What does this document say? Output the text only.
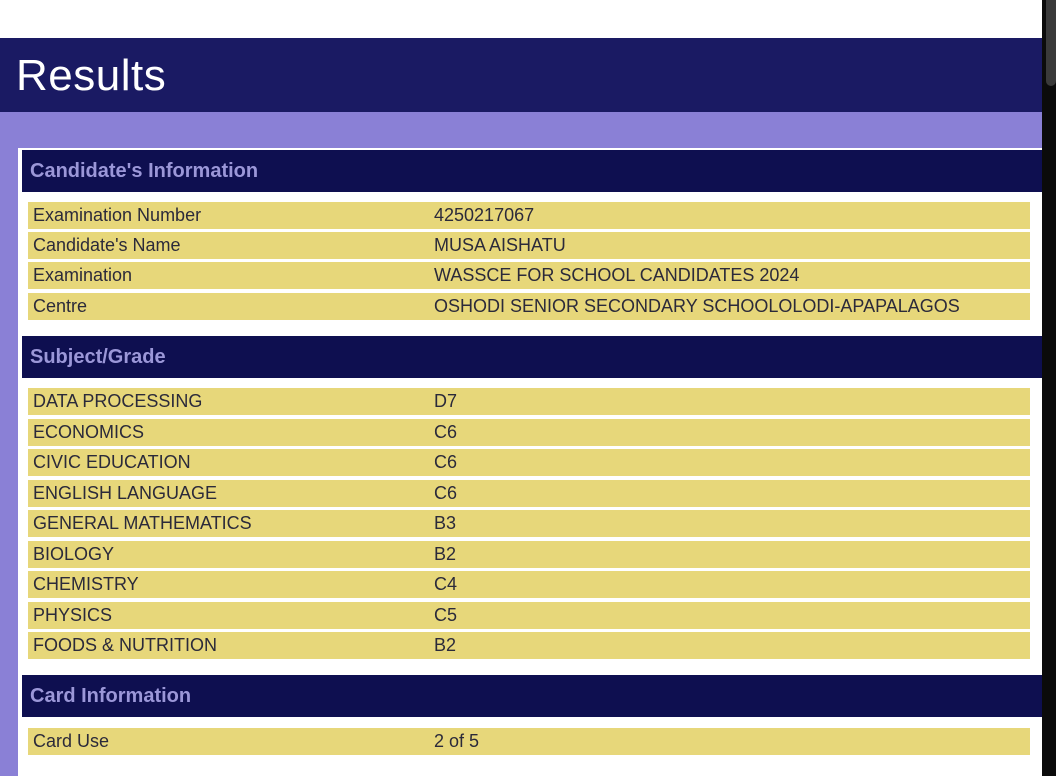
Results
Candidate's Information
Examination Number	4250217067
Candidate's Name	MUSA AISHATU
Examination	WASSCE FOR SCHOOL CANDIDATES 2024
Centre	OSHODI SENIOR SECONDARY SCHOOLOLODI-APAPALAGOS
Subject/Grade
DATA PROCESSING	D7
ECONOMICS	C6
CIVIC EDUCATION	C6
ENGLISH LANGUAGE	C6
GENERAL MATHEMATICS	B3
BIOLOGY	B2
CHEMISTRY	C4
PHYSICS	C5
FOODS & NUTRITION	B2
Card Information
Card Use	2 of 5
